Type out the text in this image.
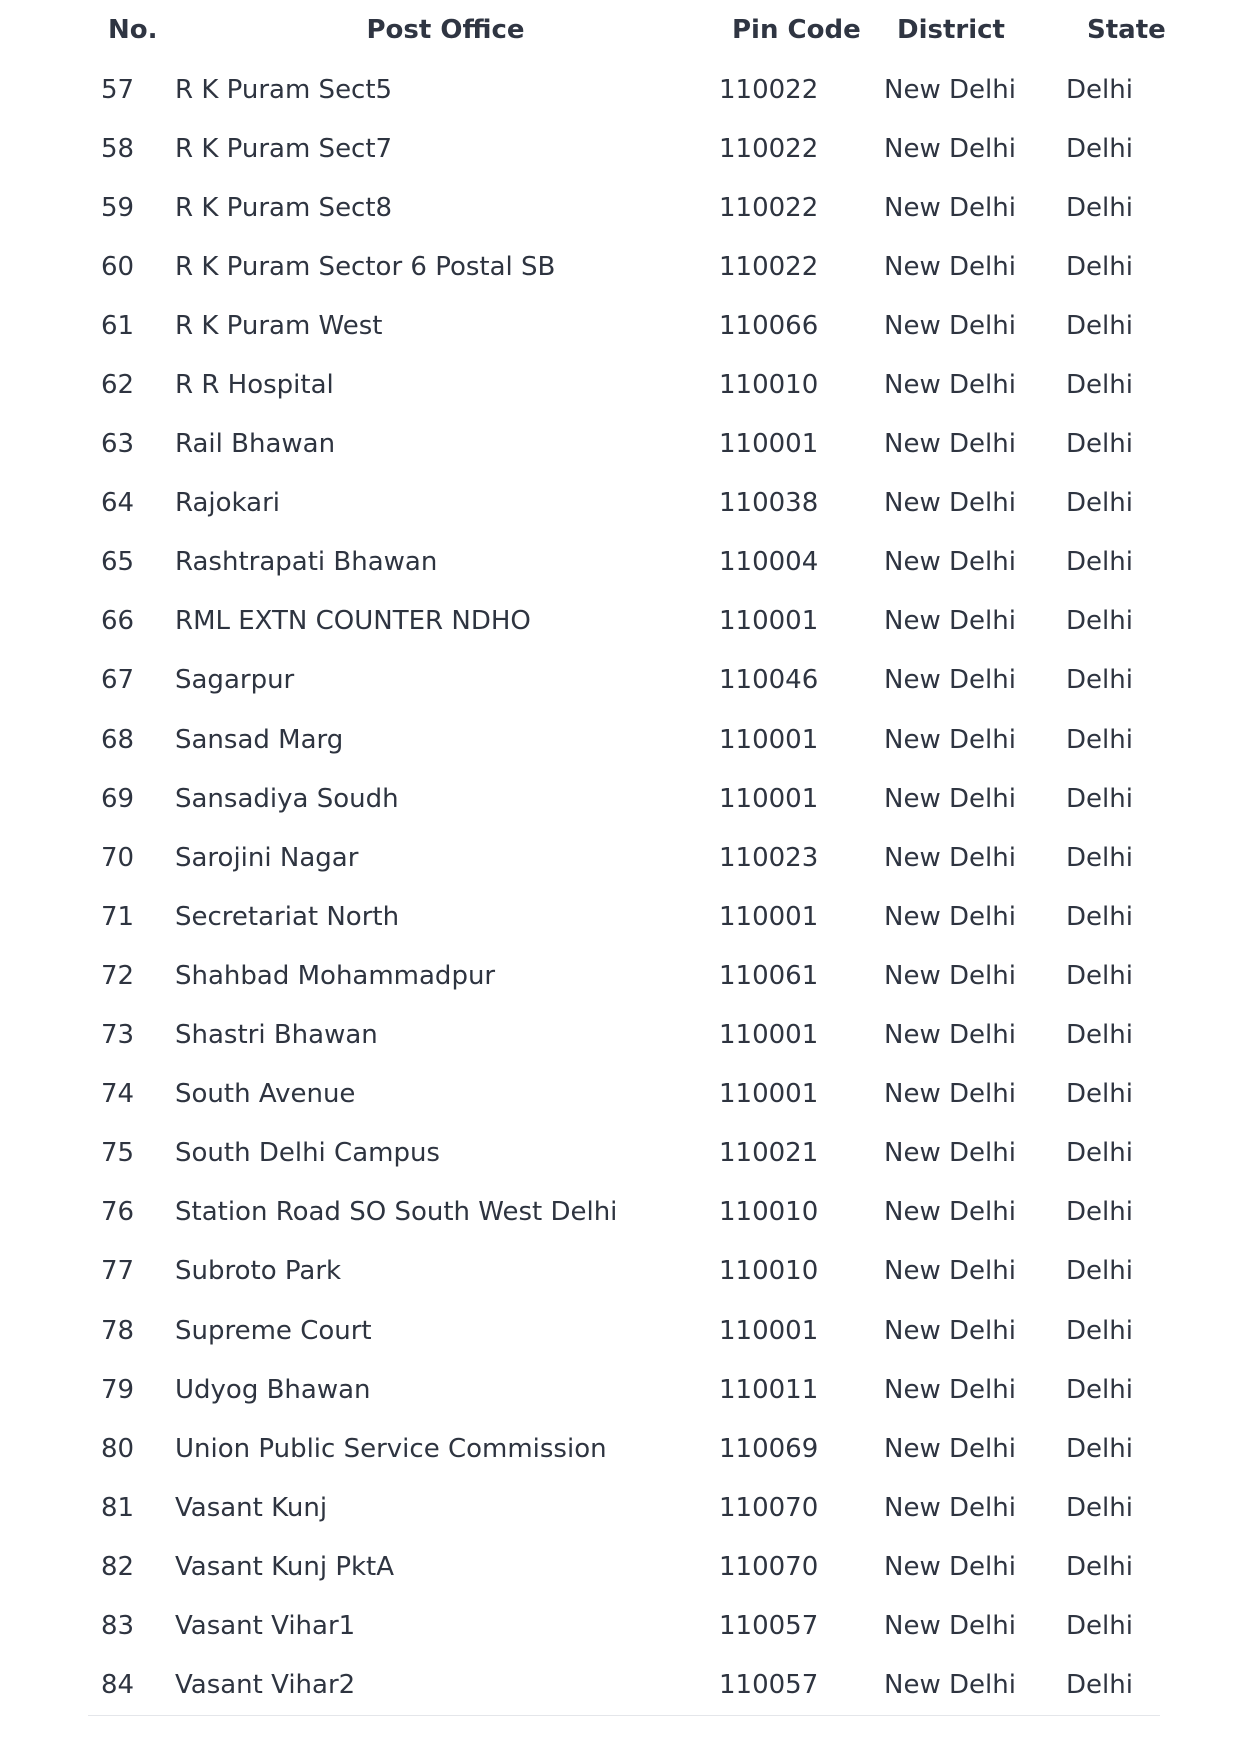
No.	Post Office	Pin Code	District	State
57	R K Puram Sect5	110022	New Delhi	Delhi
58	R K Puram Sect7	110022	New Delhi	Delhi
59	R K Puram Sect8	110022	New Delhi	Delhi
60	R K Puram Sector 6 Postal SB	110022	New Delhi	Delhi
61	R K Puram West	110066	New Delhi	Delhi
62	R R Hospital	110010	New Delhi	Delhi
63	Rail Bhawan	110001	New Delhi	Delhi
64	Rajokari	110038	New Delhi	Delhi
65	Rashtrapati Bhawan	110004	New Delhi	Delhi
66	RML EXTN COUNTER NDHO	110001	New Delhi	Delhi
67	Sagarpur	110046	New Delhi	Delhi
68	Sansad Marg	110001	New Delhi	Delhi
69	Sansadiya Soudh	110001	New Delhi	Delhi
70	Sarojini Nagar	110023	New Delhi	Delhi
71	Secretariat North	110001	New Delhi	Delhi
72	Shahbad Mohammadpur	110061	New Delhi	Delhi
73	Shastri Bhawan	110001	New Delhi	Delhi
74	South Avenue	110001	New Delhi	Delhi
75	South Delhi Campus	110021	New Delhi	Delhi
76	Station Road SO South West Delhi	110010	New Delhi	Delhi
77	Subroto Park	110010	New Delhi	Delhi
78	Supreme Court	110001	New Delhi	Delhi
79	Udyog Bhawan	110011	New Delhi	Delhi
80	Union Public Service Commission	110069	New Delhi	Delhi
81	Vasant Kunj	110070	New Delhi	Delhi
82	Vasant Kunj PktA	110070	New Delhi	Delhi
83	Vasant Vihar1	110057	New Delhi	Delhi
84	Vasant Vihar2	110057	New Delhi	Delhi
